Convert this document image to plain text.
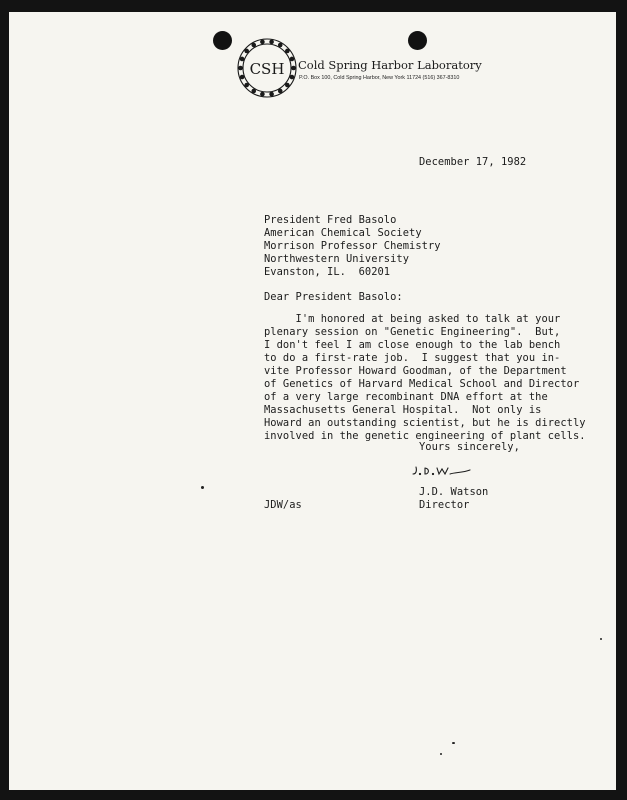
CSH Cold Spring Harbor Laboratory
P.O. Box 100, Cold Spring Harbor, New York 11724 (516) 367-8310
December 17, 1982
President Fred Basolo
American Chemical Society
Morrison Professor Chemistry
Northwestern University
Evanston, IL.  60201
Dear President Basolo:
I'm honored at being asked to talk at your
plenary session on "Genetic Engineering".  But,
I don't feel I am close enough to the lab bench
to do a first-rate job.  I suggest that you in-
vite Professor Howard Goodman, of the Department
of Genetics of Harvard Medical School and Director
of a very large recombinant DNA effort at the
Massachusetts General Hospital.  Not only is
Howard an outstanding scientist, but he is directly
involved in the genetic engineering of plant cells.
Yours sincerely,
J.D. Watson
Director
JDW/as
